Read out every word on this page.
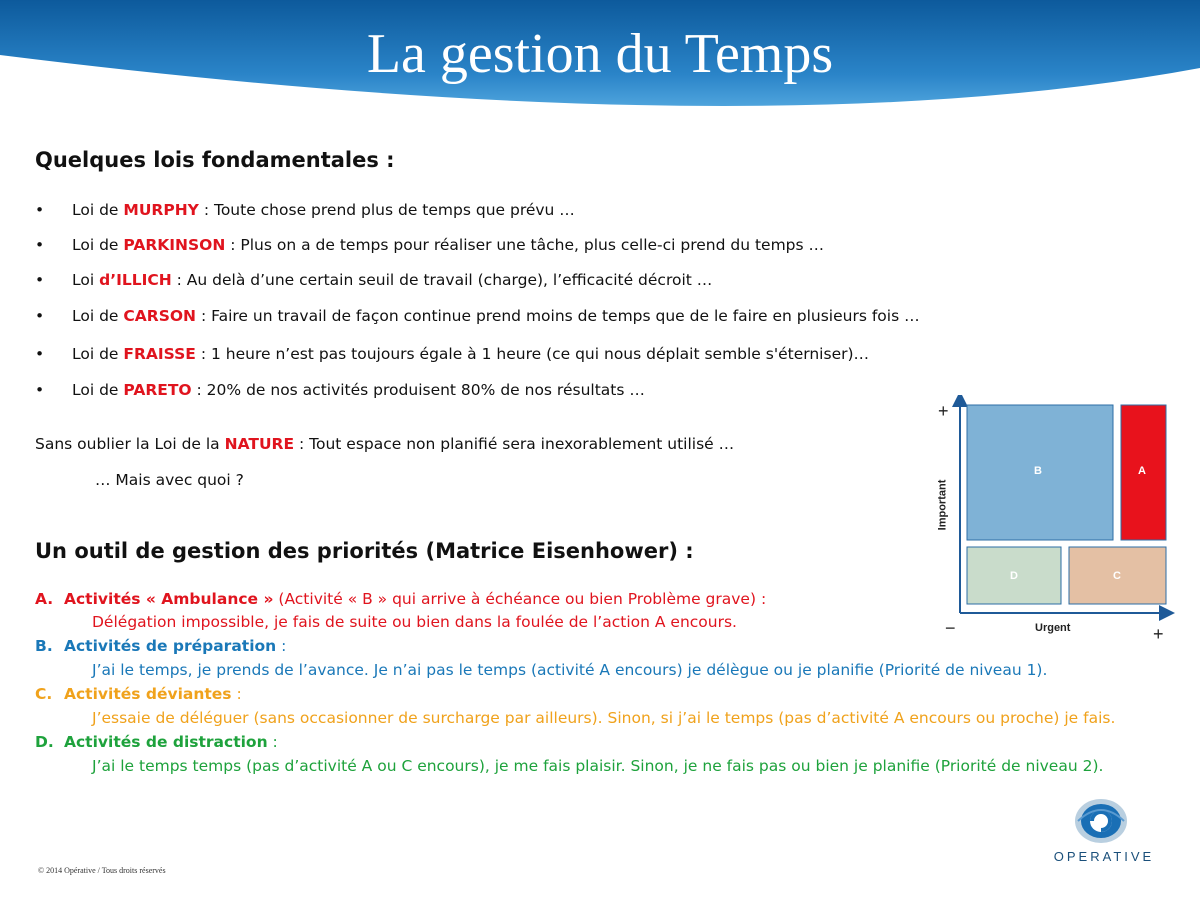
La gestion du Temps
Quelques lois fondamentales :
• Loi de MURPHY : Toute chose prend plus de temps que prévu …
• Loi de PARKINSON : Plus on a de temps pour réaliser une tâche, plus celle-ci prend du temps …
• Loi d’ILLICH : Au delà d’une certain seuil de travail (charge), l’efficacité décroit …
• Loi de CARSON : Faire un travail de façon continue prend moins de temps que de le faire en plusieurs fois …
• Loi de FRAISSE : 1 heure n’est pas toujours égale à 1 heure (ce qui nous déplait semble s'éterniser)…
• Loi de PARETO : 20% de nos activités produisent 80% de nos résultats …
Sans oublier la Loi de la NATURE : Tout espace non planifié sera inexorablement utilisé …
… Mais avec quoi ?
Un outil de gestion des priorités (Matrice Eisenhower) :
A. Activités « Ambulance » (Activité « B » qui arrive à échéance ou bien Problème grave) :
Délégation impossible, je fais de suite ou bien dans la foulée de l’action A encours.
B. Activités de préparation :
J’ai le temps, je prends de l’avance. Je n’ai pas le temps (activité A encours) je délègue ou je planifie (Priorité de niveau 1).
C. Activités déviantes :
J’essaie de déléguer (sans occasionner de surcharge par ailleurs). Sinon, si j’ai le temps (pas d’activité A encours ou proche) je fais.
D. Activités de distraction :
J’ai le temps temps (pas d’activité A ou C encours), je me fais plaisir. Sinon, je ne fais pas ou bien je planifie (Priorité de niveau 2).
B	A
D	C
+
+
−	Urgent
Important
© 2014 Opérative / Tous droits réservés
OPERATIVE
